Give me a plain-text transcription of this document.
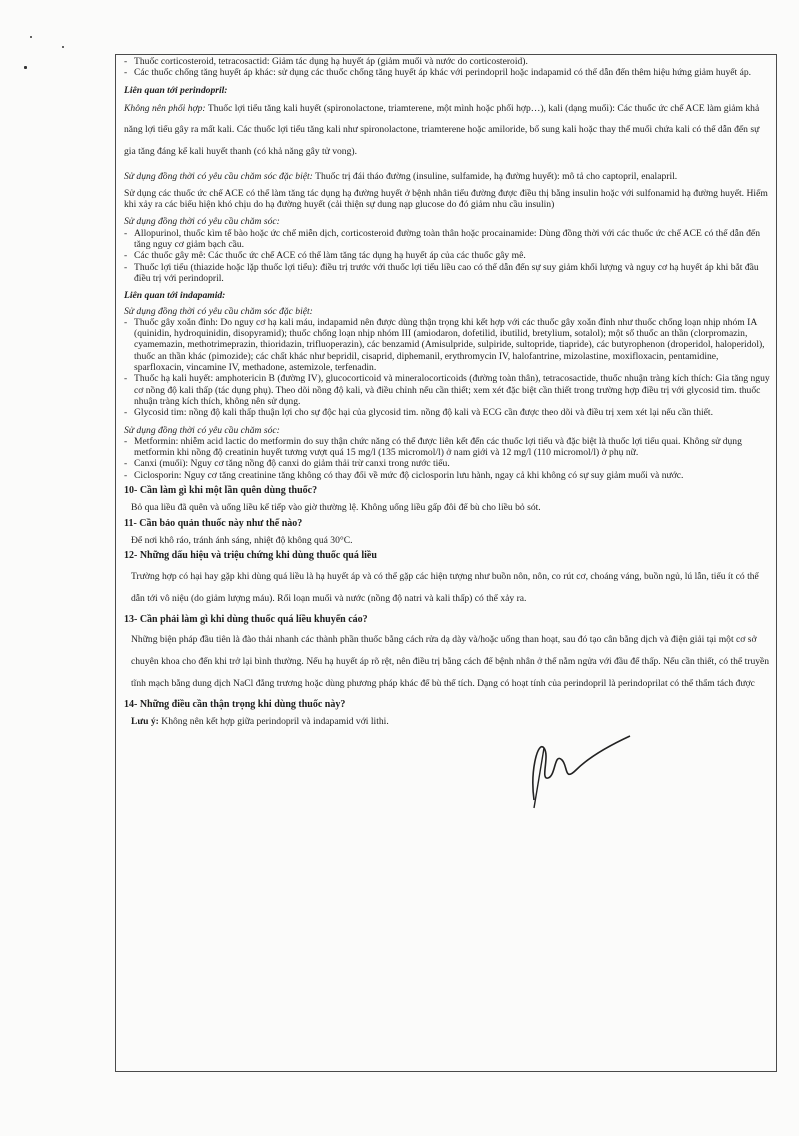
- Thuốc corticosteroid, tetracosactid: Giảm tác dụng hạ huyết áp (giảm muối và nước do corticosteroid).

- Các thuốc chống tăng huyết áp khác: sử dụng các thuốc chống tăng huyết áp khác với perindopril hoặc indapamid có thể dẫn đến thêm hiệu hứng giảm huyết áp.

Liên quan tới perindopril:

Không nên phối hợp: Thuốc lợi tiểu tăng kali huyết (spironolactone, triamterene, một mình hoặc phối hợp…), kali (dạng muối): Các thuốc ức chế ACE làm giảm khả năng lợi tiểu gây ra mất kali. Các thuốc lợi tiểu tăng kali như spironolactone, triamterene hoặc amiloride, bổ sung kali hoặc thay thế muối chứa kali có thể dẫn đến sự gia tăng đáng kể kali huyết thanh (có khả năng gây tử vong).

Sử dụng đồng thời có yêu cầu chăm sóc đặc biệt: Thuốc trị đái tháo đường (insuline, sulfamide, hạ đường huyết): mô tả cho captopril, enalapril.

Sử dụng các thuốc ức chế ACE có thể làm tăng tác dụng hạ đường huyết ở bệnh nhân tiểu đường được điều thị bằng insulin hoặc với sulfonamid hạ đường huyết. Hiếm khi xảy ra các biểu hiện khó chịu do hạ đường huyết (cải thiện sự dung nạp glucose do đó giảm nhu cầu insulin)

Sử dụng đồng thời có yêu cầu chăm sóc:

- Allopurinol, thuốc kìm tế bào hoặc ức chế miễn dịch, corticosteroid đường toàn thân hoặc procainamide: Dùng đồng thời với các thuốc ức chế ACE có thể dẫn đến tăng nguy cơ giảm bạch cầu.

- Các thuốc gây mê: Các thuốc ức chế ACE có thể làm tăng tác dụng hạ huyết áp của các thuốc gây mê.

- Thuốc lợi tiểu (thiazide hoặc lặp thuốc lợi tiểu): điều trị trước với thuốc lợi tiểu liều cao có thể dẫn đến sự suy giảm khối lượng và nguy cơ hạ huyết áp khi bắt đầu điều trị với perindopril.

Liên quan tới indapamid:

Sử dụng đồng thời có yêu cầu chăm sóc đặc biệt:

- Thuốc gây xoắn đỉnh: Do nguy cơ hạ kali máu, indapamid nên được dùng thận trọng khi kết hợp với các thuốc gây xoắn đỉnh như thuốc chống loạn nhịp nhóm IA (quinidin, hydroquinidin, disopyramid); thuốc chống loạn nhịp nhóm III (amiodaron, dofetilid, ibutilid, bretylium, sotalol); một số thuốc an thần (clorpromazin, cyamemazin, methotrimeprazin, thioridazin, trifluoperazin), các benzamid (Amisulpride, sulpiride, sultopride, tiapride), các butyrophenon (droperidol, haloperidol), thuốc an thần khác (pimozide); các chất khác như bepridil, cisaprid, diphemanil, erythromycin IV, halofantrine, mizolastine, moxifloxacin, pentamidine, sparfloxacin, vincamine IV, methadone, astemizole, terfenadin.

- Thuốc hạ kali huyết: amphotericin B (đường IV), glucocorticoid và mineralocorticoids (đường toàn thân), tetracosactide, thuốc nhuận tràng kích thích: Gia tăng nguy cơ nồng độ kali thấp (tác dụng phụ). Theo dõi nồng độ kali, và điều chỉnh nếu cần thiết; xem xét đặc biệt cần thiết trong trường hợp điều trị với glycosid tim. thuốc nhuận tràng kích thích, không nên sử dụng.

- Glycosid tim: nồng độ kali thấp thuận lợi cho sự độc hại của glycosid tim. nồng độ kali và ECG cần được theo dõi và điều trị xem xét lại nếu cần thiết.

Sử dụng đồng thời có yêu cầu chăm sóc:

- Metformin: nhiễm acid lactic do metformin do suy thận chức năng có thể được liên kết đến các thuốc lợi tiểu và đặc biệt là thuốc lợi tiểu quai. Không sử dụng metformin khi nồng độ creatinin huyết tương vượt quá 15 mg/l (135 micromol/l) ở nam giới và 12 mg/l (110 micromol/l) ở phụ nữ.

- Canxi (muối): Nguy cơ tăng nồng độ canxi do giảm thải trừ canxi trong nước tiểu.

- Ciclosporin: Nguy cơ tăng creatinine tăng không có thay đổi về mức độ ciclosporin lưu hành, ngay cả khi không có sự suy giảm muối và nước.

10- Cần làm gì khi một lần quên dùng thuốc?

Bỏ qua liều đã quên và uống liều kế tiếp vào giờ thường lệ. Không uống liều gấp đôi để bù cho liều bỏ sót.

11- Cần bảo quản thuốc này như thế nào?

Để nơi khô ráo, tránh ánh sáng, nhiệt độ không quá 30°C.

12- Những dấu hiệu và triệu chứng khi dùng thuốc quá liều

Trường hợp có hại hay gặp khi dùng quá liều là hạ huyết áp và có thể gặp các hiện tượng như buồn nôn, nôn, co rút cơ, choáng váng, buồn ngủ, lú lẫn, tiểu ít có thể dẫn tới vô niệu (do giảm lượng máu). Rối loạn muối và nước (nồng độ natri và kali thấp) có thể xảy ra.

13- Cần phải làm gì khi dùng thuốc quá liều khuyến cáo?

Những biện pháp đầu tiên là đào thải nhanh các thành phần thuốc bằng cách rửa dạ dày và/hoặc uống than hoạt, sau đó tạo cân bằng dịch và điện giải tại một cơ sở chuyên khoa cho đến khi trở lại bình thường. Nếu hạ huyết áp rõ rệt, nên điều trị bằng cách để bệnh nhân ở thế nằm ngửa với đầu để thấp. Nếu cần thiết, có thể truyền tĩnh mạch bằng dung dịch NaCl đẳng trương hoặc dùng phương pháp khác để bù thể tích. Dạng có hoạt tính của perindopril là perindoprilat có thể thẩm tách được

14- Những điều cần thận trọng khi dùng thuốc này?

Lưu ý: Không nên kết hợp giữa perindopril và indapamid với lithi.
